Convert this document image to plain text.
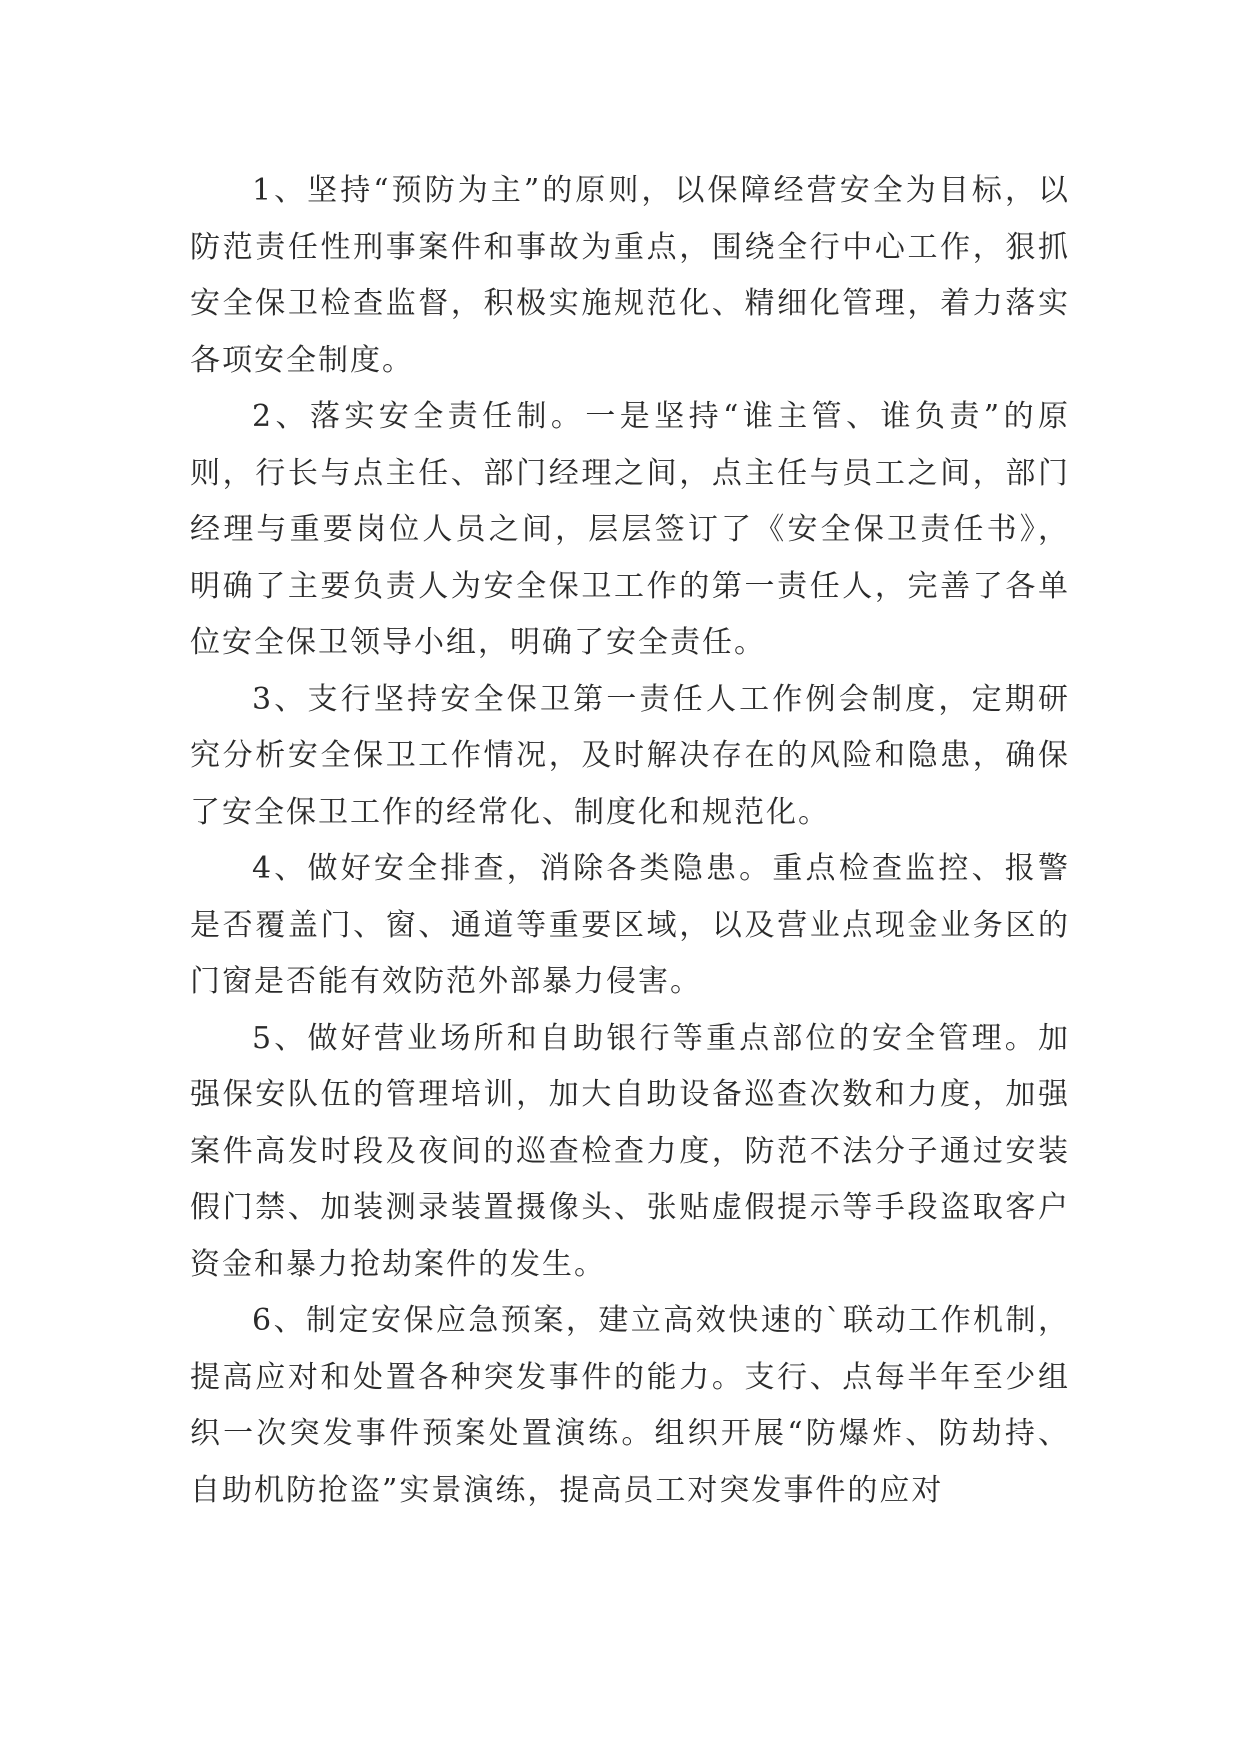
1、坚持“预防为主”的原则，以保障经营安全为目标，以防范责任性刑事案件和事故为重点，围绕全行中心工作，狠抓安全保卫检查监督，积极实施规范化、精细化管理，着力落实各项安全制度。

2、落实安全责任制。一是坚持“谁主管、谁负责”的原则，行长与点主任、部门经理之间，点主任与员工之间，部门经理与重要岗位人员之间，层层签订了《安全保卫责任书》，明确了主要负责人为安全保卫工作的第一责任人，完善了各单位安全保卫领导小组，明确了安全责任。

3、支行坚持安全保卫第一责任人工作例会制度，定期研究分析安全保卫工作情况，及时解决存在的风险和隐患，确保了安全保卫工作的经常化、制度化和规范化。

4、做好安全排查，消除各类隐患。重点检查监控、报警是否覆盖门、窗、通道等重要区域，以及营业点现金业务区的门窗是否能有效防范外部暴力侵害。

5、做好营业场所和自助银行等重点部位的安全管理。加强保安队伍的管理培训，加大自助设备巡查次数和力度，加强案件高发时段及夜间的巡查检查力度，防范不法分子通过安装假门禁、加装测录装置摄像头、张贴虚假提示等手段盗取客户资金和暴力抢劫案件的发生。

6、制定安保应急预案，建立高效快速的`联动工作机制，提高应对和处置各种突发事件的能力。支行、点每半年至少组织一次突发事件预案处置演练。组织开展“防爆炸、防劫持、自助机防抢盗”实景演练，提高员工对突发事件的应对
